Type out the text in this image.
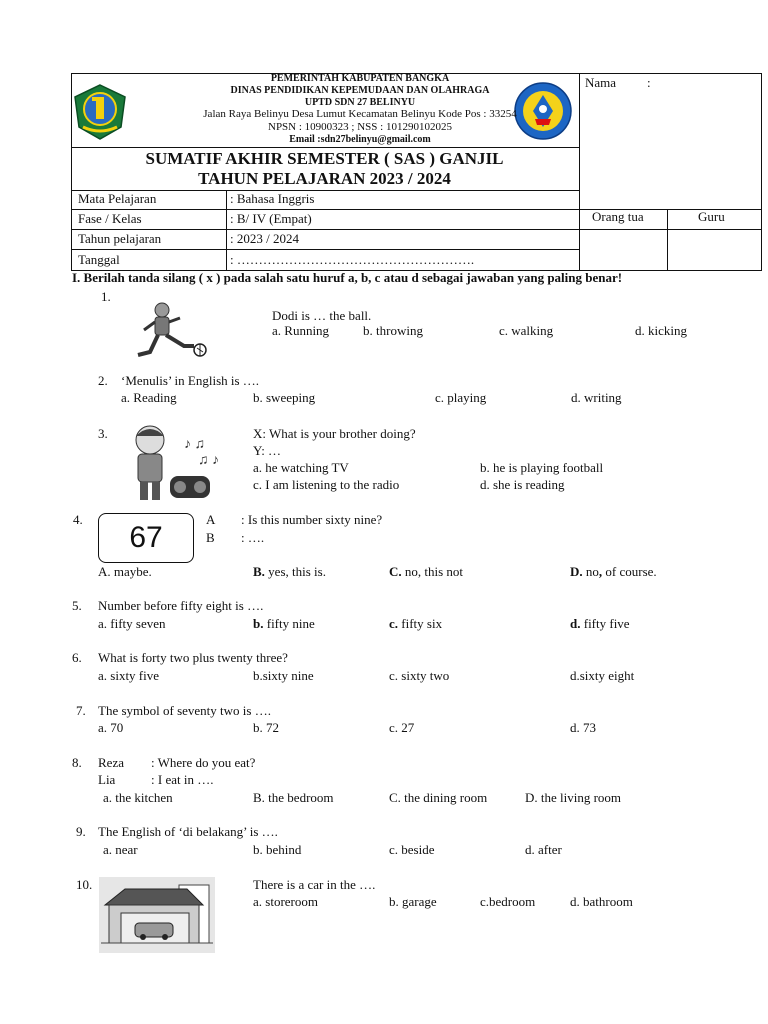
PEMERINTAH KABUPATEN BANGKA
DINAS PENDIDIKAN KEPEMUDAAN DAN OLAHRAGA
UPTD SDN 27 BELINYU
Jalan Raya Belinyu Desa Lumut Kecamatan Belinyu Kode Pos : 33254
NPSN : 10900323 ; NSS : 101290102025
Email :sdn27belinyu@gmail.com
SUMATIF AKHIR SEMESTER ( SAS ) GANJIL
TAHUN PELAJARAN 2023 / 2024
Nama :
Orang tua	Guru
Mata Pelajaran	: Bahasa Inggris
Fase / Kelas	: B/ IV (Empat)
Tahun pelajaran	: 2023 / 2024
Tanggal	: ……………………………………………….
I. Berilah tanda silang ( x ) pada salah satu huruf a, b, c atau d sebagai jawaban yang paling benar!
1.
Dodi is … the ball.
a. Running	b. throwing	c. walking	d. kicking
2. ‘Menulis’ in English is ….
a. Reading	b. sweeping	c. playing	d. writing
3.
♪ ♫
♫ ♪
X: What is your brother doing?
Y: …
a. he watching TV	b. he is playing football
c. I am listening to the radio	d. she is reading
4.
67
A : Is this number sixty nine?
B : ….
A. maybe.	B. yes, this is.	C. no, this not	D. no, of course.
5. Number before fifty eight is ….
a. fifty seven	b. fifty nine	c. fifty six	d. fifty five
6. What is forty two plus twenty three?
a. sixty five	b.sixty nine	c. sixty two	d.sixty eight
7. The symbol of seventy two is ….
a. 70	b. 72	c. 27	d. 73
8. Reza : Where do you eat?
Lia	: I eat in ….
a. the kitchen	B. the bedroom	C. the dining room	D. the living room
9. The English of ‘di belakang’ is ….
a. near	b. behind	c. beside	d. after
10.	There is a car in the ….
a. storeroom	b. garage	c.bedroom	d. bathroom
